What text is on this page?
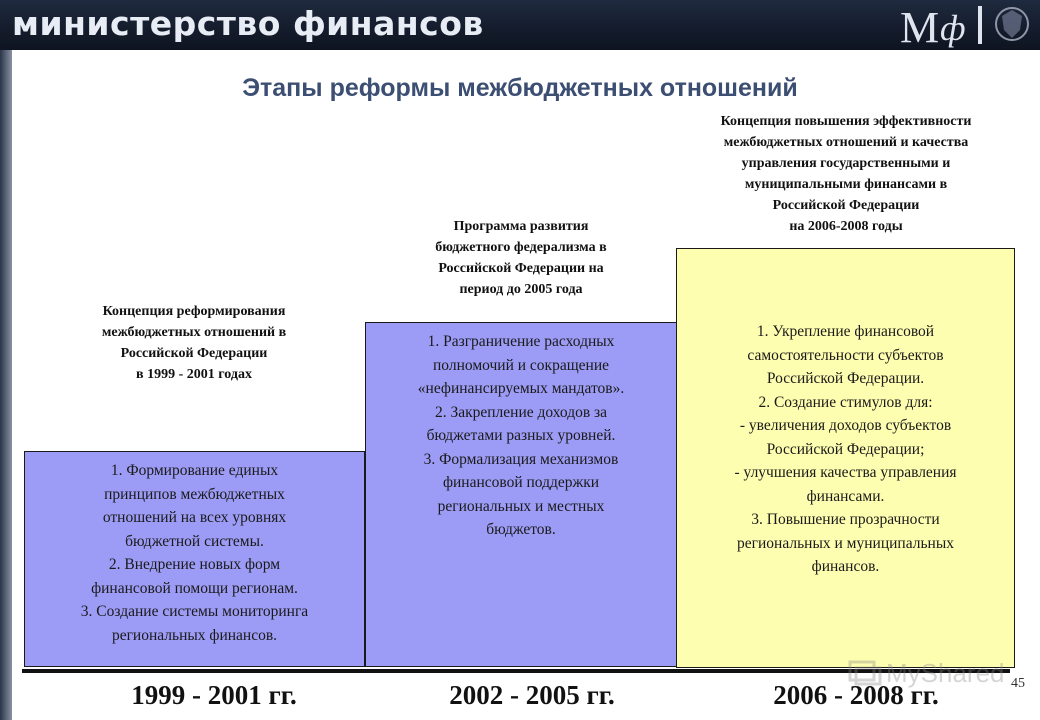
министерство финансов	М ф
Этапы реформы межбюджетных отношений
Концепция реформирования
межбюджетных отношений в
Российской Федерации
в 1999 - 2001 годах
1. Формирование единых
принципов межбюджетных
отношений на всех уровнях
бюджетной системы.
2. Внедрение новых форм
финансовой помощи регионам.
3. Создание системы мониторинга
региональных финансов.
Программа развития
бюджетного федерализма в
Российской Федерации на
период до 2005 года
1. Разграничение расходных
полномочий и сокращение
«нефинансируемых мандатов».
2. Закрепление доходов за
бюджетами разных уровней.
3. Формализация механизмов
финансовой поддержки
региональных и местных
бюджетов.
Концепция повышения эффективности
межбюджетных отношений и качества
управления государственными и
муниципальными финансами в
Российской Федерации
на 2006-2008 годы
1. Укрепление финансовой
самостоятельности субъектов
Российской Федерации.
2. Создание стимулов для:
- увеличения доходов субъектов
Российской Федерации;
- улучшения качества управления
финансами.
3. Повышение прозрачности
региональных и муниципальных
финансов.
1999 - 2001 гг.	2002 - 2005 гг.	2006 - 2008 гг.
MyShared 45
